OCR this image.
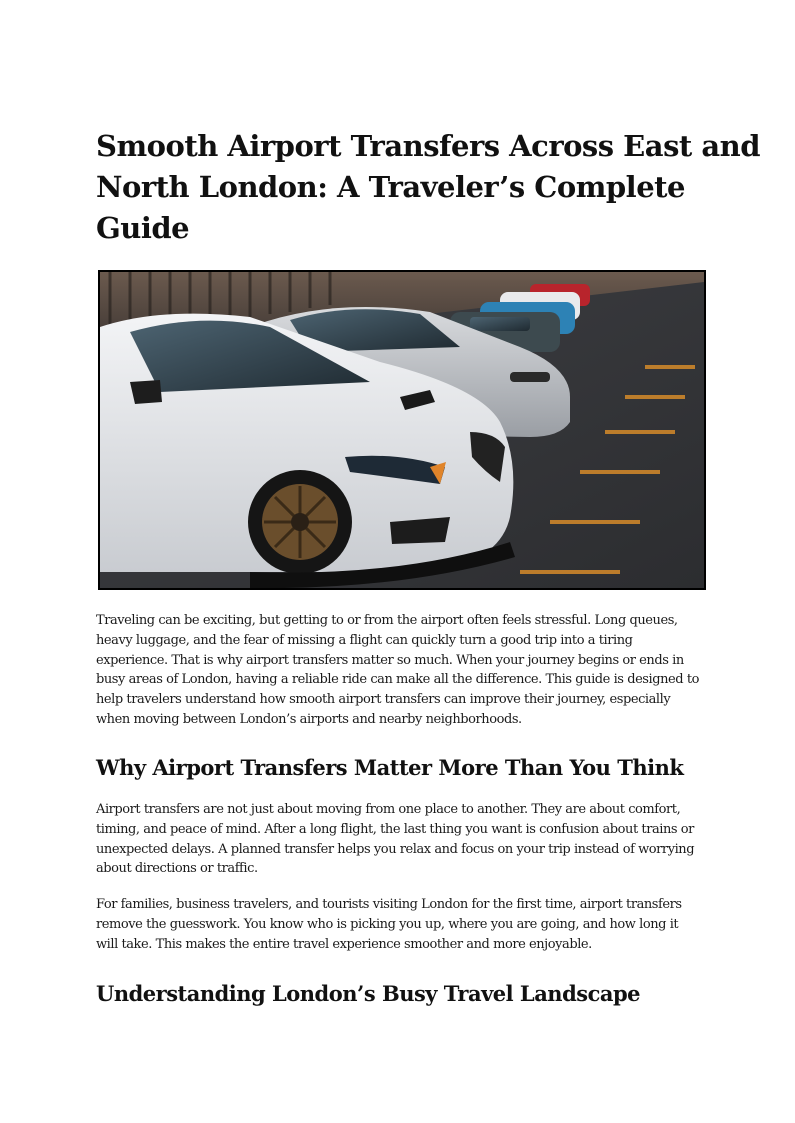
Smooth Airport Transfers Across East and
North London: A Traveler’s Complete
Guide

Traveling can be exciting, but getting to or from the airport often feels stressful. Long queues,
heavy luggage, and the fear of missing a flight can quickly turn a good trip into a tiring
experience. That is why airport transfers matter so much. When your journey begins or ends in
busy areas of London, having a reliable ride can make all the difference. This guide is designed to
help travelers understand how smooth airport transfers can improve their journey, especially
when moving between London’s airports and nearby neighborhoods.

Why Airport Transfers Matter More Than You Think

Airport transfers are not just about moving from one place to another. They are about comfort,
timing, and peace of mind. After a long flight, the last thing you want is confusion about trains or
unexpected delays. A planned transfer helps you relax and focus on your trip instead of worrying
about directions or traffic.

For families, business travelers, and tourists visiting London for the first time, airport transfers
remove the guesswork. You know who is picking you up, where you are going, and how long it
will take. This makes the entire travel experience smoother and more enjoyable.

Understanding London’s Busy Travel Landscape
